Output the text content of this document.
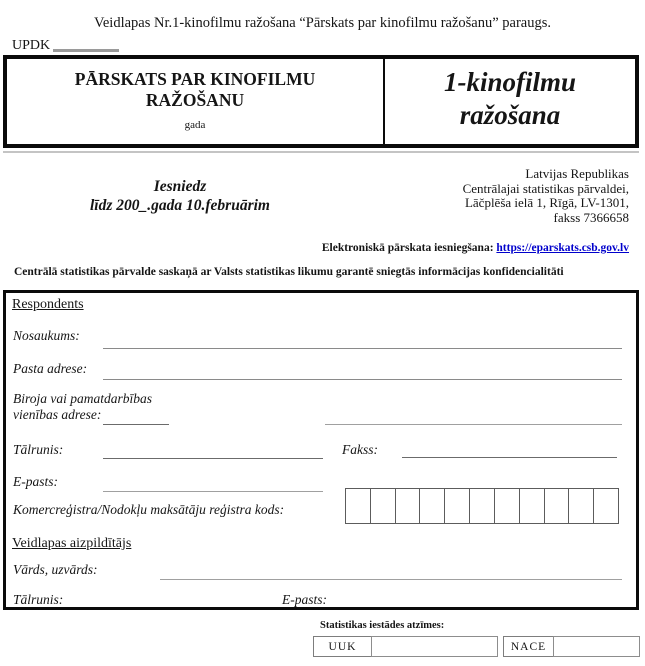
Veidlapas Nr.1-kinofilmu ražošana “Pārskats par kinofilmu ražošanu” paraugs.
UPDK
PĀRSKATS PAR KINOFILMU
RAŽOŠANU
gada
1-kinofilmu
ražošana
Iesniedz
līdz 200_.gada 10.februārim
Latvijas Republikas
Centrālajai statistikas pārvaldei,
Lāčplēša ielā 1, Rīgā, LV-1301,
fakss 7366658
Elektroniskā pārskata iesniegšana: https://eparskats.csb.gov.lv
Centrālā statistikas pārvalde saskaņā ar Valsts statistikas likumu garantē sniegtās informācijas konfidencialitāti
Respondents
Nosaukums:
Pasta adrese:
Biroja vai pamatdarbības
vienības adrese:
Tālrunis:	Fakss:
E-pasts:
Komercreģistra/Nodokļu maksātāju reģistra kods:
Veidlapas aizpildītājs
Vārds, uzvārds:
Tālrunis:	E-pasts:
Statistikas iestādes atzīmes:
UUK	NACE
